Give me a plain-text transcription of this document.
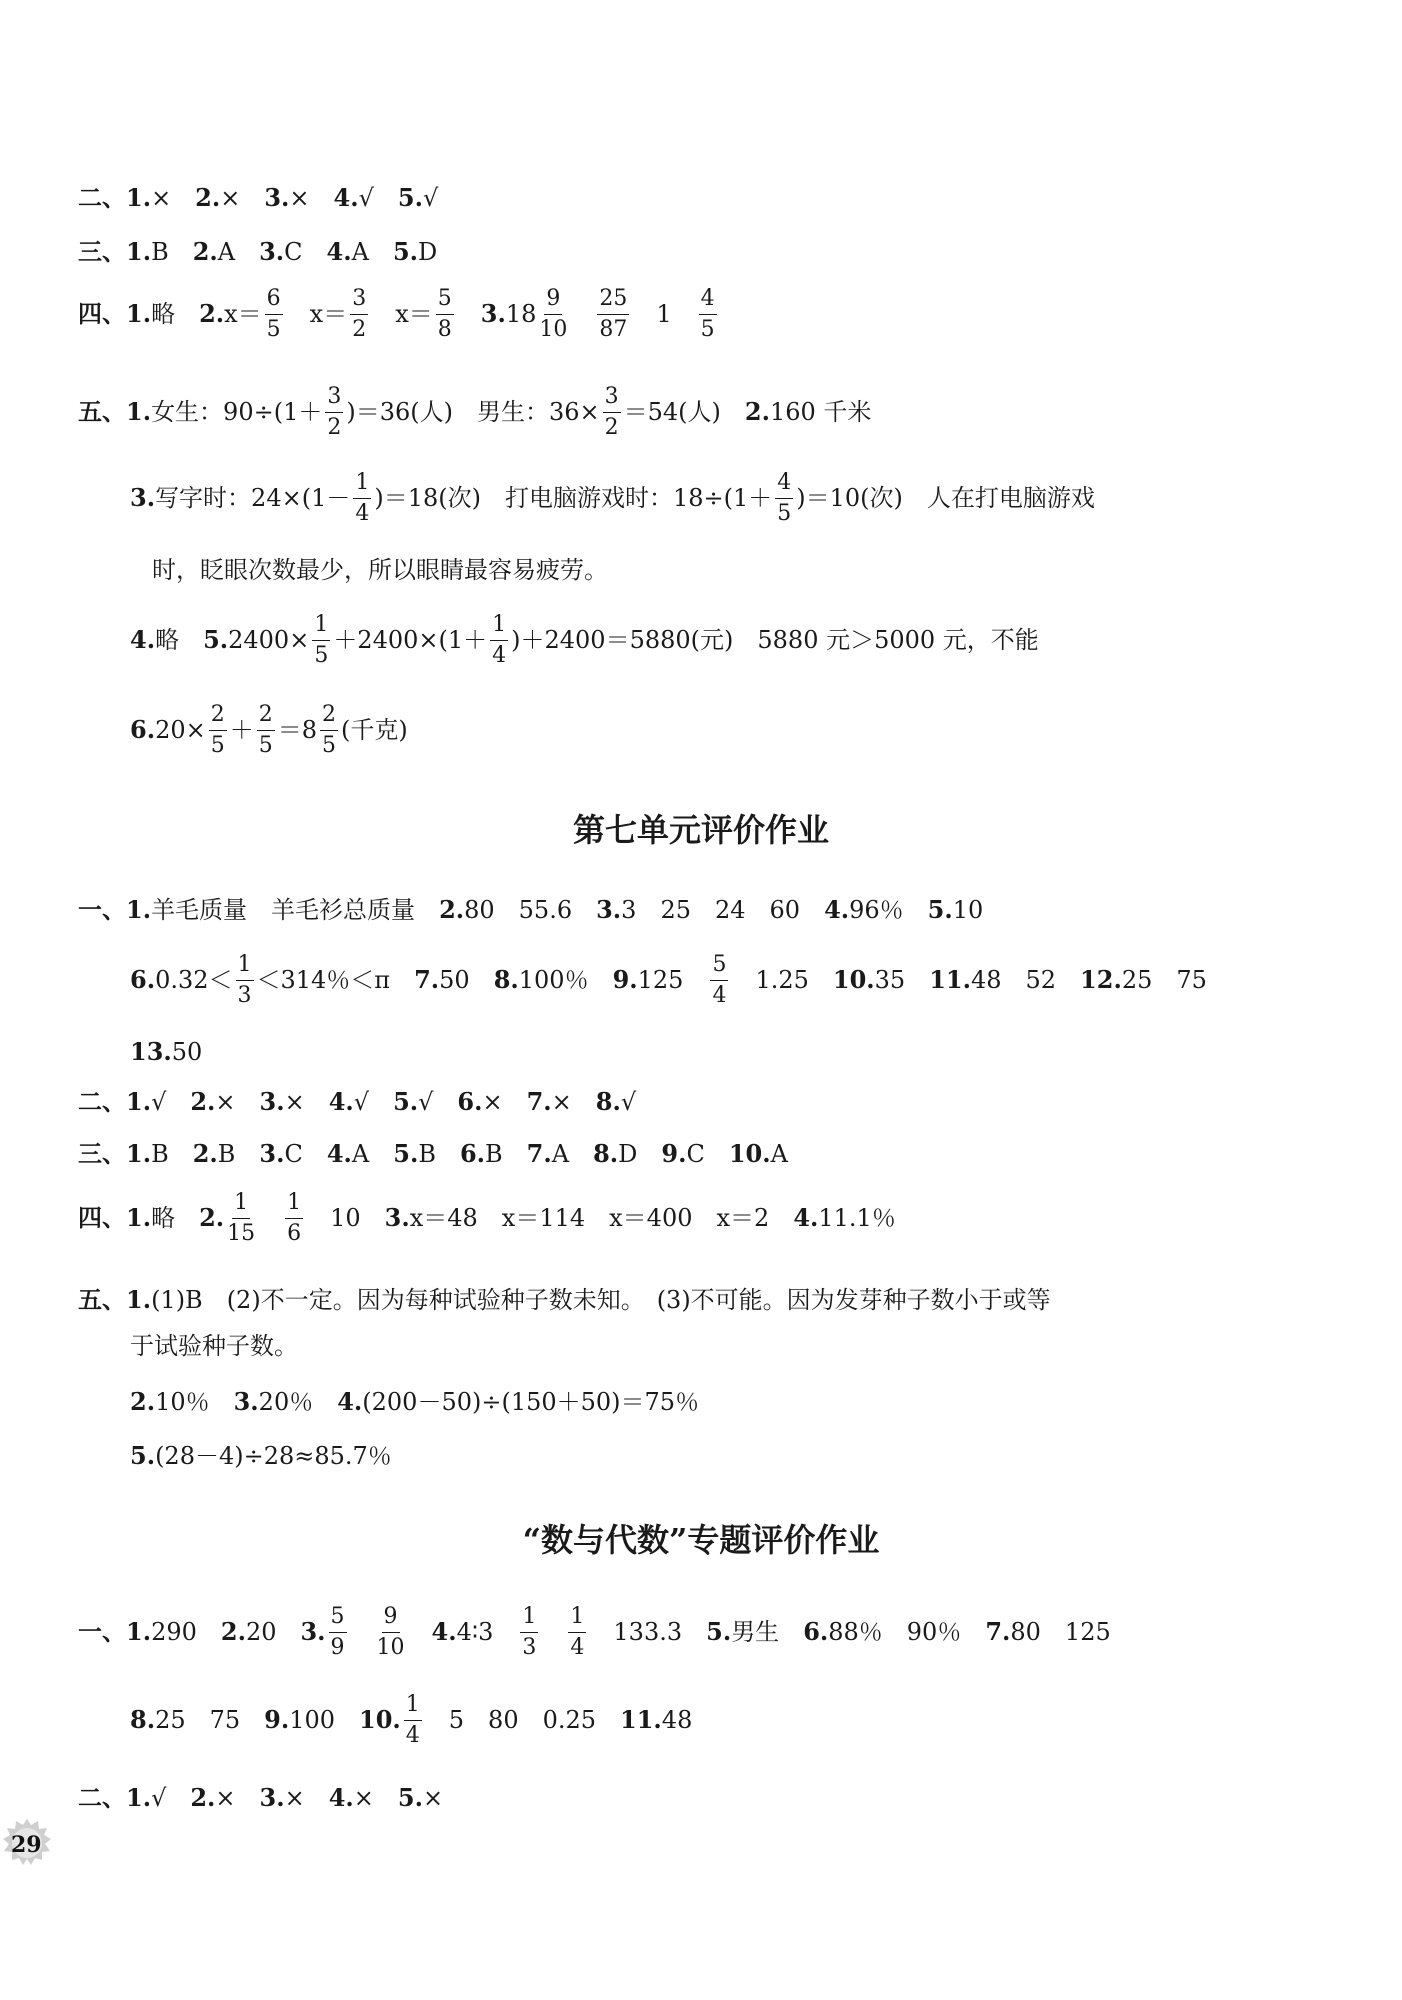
二、 1. × 2. × 3. × 4. √ 5. √
三、 1. B 2. A 3. C 4. A 5. D
四、 1. 略 2. $x= \frac{6}{5} x= \frac{3}{2} x= \frac{5}{8} 3$. $18 \frac{9}{10} \frac{25}{87} 1 \frac{4}{5}$
五、 1. 女生：$90\div(1+ \frac{3}{2} )=36$(人) 男生：$36\times \frac{3}{2} =54$(人) 2. 160 千米
3. 写字时：$24\times(1- \frac{1}{4} )=18$(次) 打电脑游戏时：$18\div(1+ \frac{4}{5} )=10$(次) 人在打电脑游戏
时，眨眼次数最少，所以眼睛最容易疲劳。
4. 略 5. $2400\times \frac{1}{5} +2400\times(1+ \frac{1}{4} )+2400=5880$(元) 5880 元＞5000 元，不能
6. $20\times \frac{2}{5} + \frac{2}{5} =8 \frac{2}{5}$ (千克)
第七单元评价作业
一、 1. 羊毛质量　羊毛衫总质量 2. 80　55.6 3. 3　25　24　60 4. 96％ 5. 10
6. $0.32< \frac{1}{3} <314$％＜π 7. 50 8. 100％ 9. $125 \frac{5}{4} 1.25$ 10. 35 11. 48　52 12. 25　75
13. 50
二、 1. √ 2. × 3. × 4. √ 5. √ 6. × 7. × 8. √
三、 1. B 2. B 3. C 4. A 5. B 6. B 7. A 8. D 9. C 10. A
四、 1. 略 2. $\frac{1}{15} \frac{1}{6} 10$ 3. x＝48　x＝114　x＝400　x＝2 4. 11.1％
五、 1. (1)B　(2)不一定。因为每种试验种子数未知。　(3)不可能。因为发芽种子数小于或等
于试验种子数。
2. 10％ 3. 20％ 4. (200－50)÷(150＋50)＝75％
5. (28－4)÷28≈85.7％
“数与代数”专题评价作业
一、 1. 290 2. 20 3. $\frac{5}{9} \frac{9}{10} 4$. 4∶3 $\frac{1}{3} \frac{1}{4} 133.3$ 5. 男生 6. 88％　90％ 7. 80　125
8. 25　75 9. 100 10. $\frac{1}{4} 5$　80　0.25 11. 48
二、 1. √ 2. × 3. × 4. × 5. ×
29
